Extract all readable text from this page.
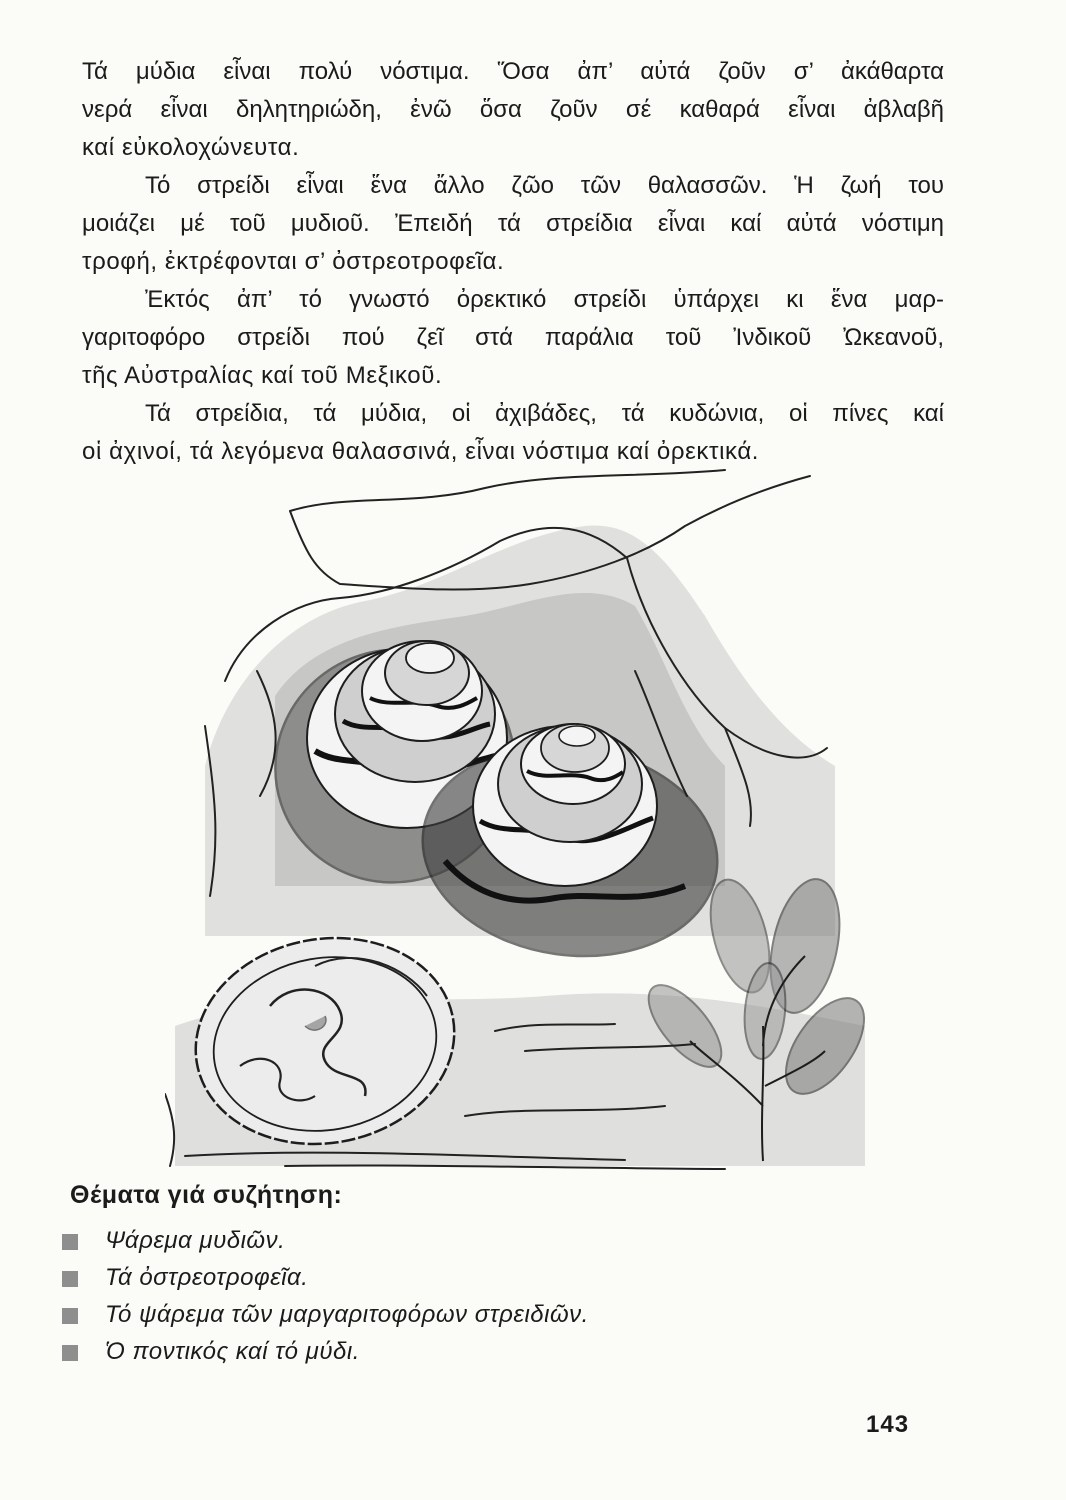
Τά μύδια εἶναι πολύ νόστιμα. Ὅσα ἀπ’ αὐτά ζοῦν σ’ ἀκάθαρτα
νερά εἶναι δηλητηριώδη, ἐνῶ ὅσα ζοῦν σέ καθαρά εἶναι ἀβλαβῆ
καί εὐκολοχώνευτα.
Τό στρείδι εἶναι ἕνα ἄλλο ζῶο τῶν θαλασσῶν. Ἡ ζωή του
μοιάζει μέ τοῦ μυδιοῦ. Ἐπειδή τά στρείδια εἶναι καί αὐτά νόστιμη
τροφή, ἐκτρέφονται σ’ ὀστρεοτροφεῖα.
Ἐκτός ἀπ’ τό γνωστό ὀρεκτικό στρείδι ὑπάρχει κι ἕνα μαρ-
γαριτοφόρο στρείδι πού ζεῖ στά παράλια τοῦ Ἰνδικοῦ Ὠκεανοῦ,
τῆς Αὐστραλίας καί τοῦ Μεξικοῦ.
Τά στρείδια, τά μύδια, οἱ ἀχιβάδες, τά κυδώνια, οἱ πίνες καί
οἱ ἀχινοί, τά λεγόμενα θαλασσινά, εἶναι νόστιμα καί ὀρεκτικά.
Θέματα γιά συζήτηση:
Ψάρεμα μυδιῶν.
Τά ὀστρεοτροφεῖα.
Τό ψάρεμα τῶν μαργαριτοφόρων στρειδιῶν.
Ὁ ποντικός καί τό μύδι.
143
